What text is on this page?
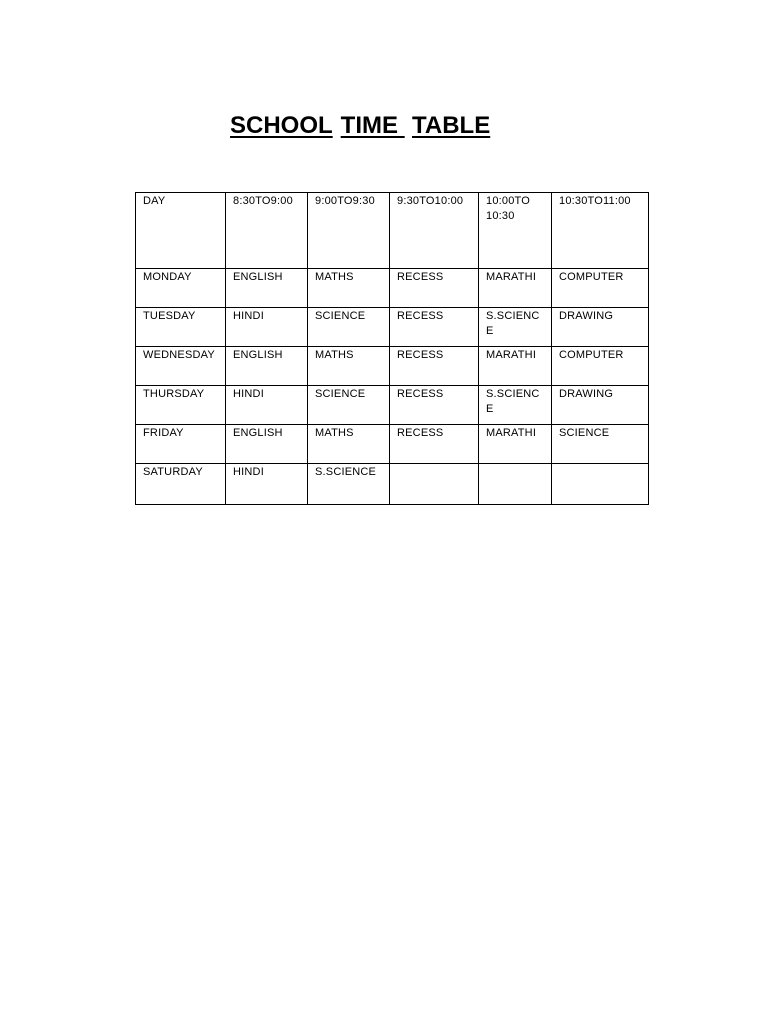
SCHOOL TIME TABLE
DAY	8:30TO9:00	9:00TO9:30	9:30TO10:00	10:00TO 10:30	10:30TO11:00
MONDAY	ENGLISH	MATHS	RECESS	MARATHI	COMPUTER
TUESDAY	HINDI	SCIENCE	RECESS	S.SCIENCE	DRAWING
WEDNESDAY	ENGLISH	MATHS	RECESS	MARATHI	COMPUTER
THURSDAY	HINDI	SCIENCE	RECESS	S.SCIENCE	DRAWING
FRIDAY	ENGLISH	MATHS	RECESS	MARATHI	SCIENCE
SATURDAY	HINDI	S.SCIENCE			
